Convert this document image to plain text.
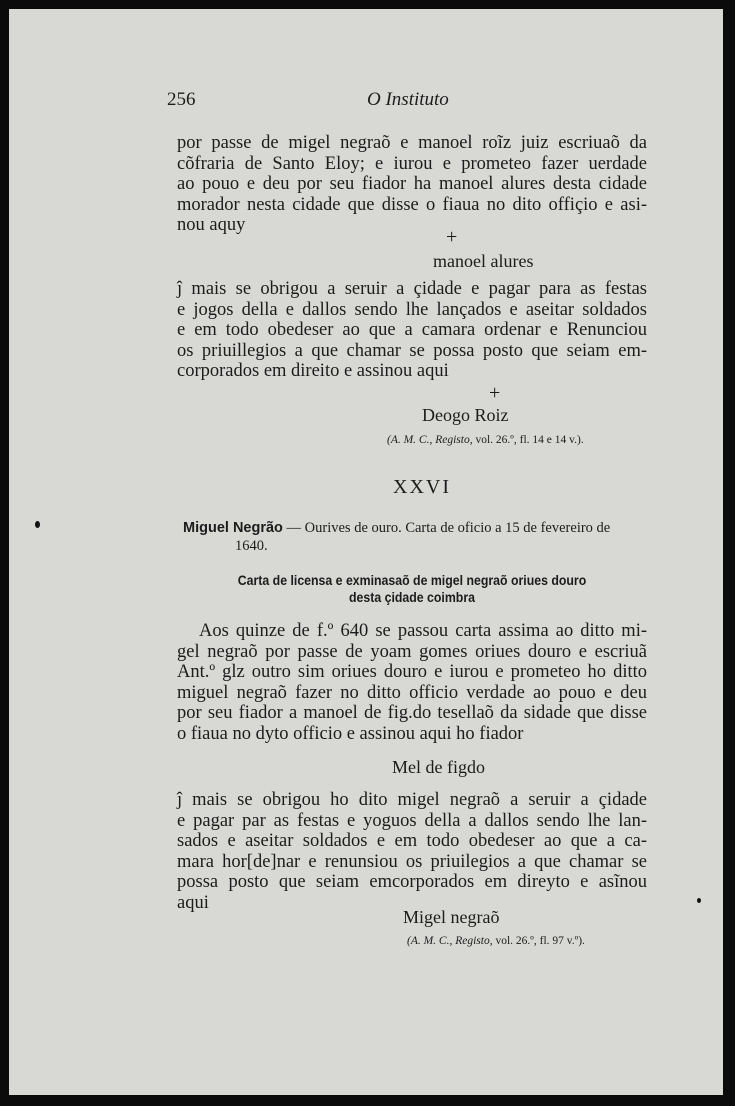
256	O Instituto
por passe de migel negraõ e manoel roĩz juiz escriuaõ da
cõfraria de Santo Eloy; e iurou e prometeo fazer uerdade
ao pouo e deu por seu fiador ha manoel alures desta cidade
morador nesta cidade que disse o fiaua no dito offiçio e asi-
nou aquy
+
manoel alures
ĵ mais se obrigou a seruir a çidade e pagar para as festas
e jogos della e dallos sendo lhe lançados e aseitar soldados
e em todo obedeser ao que a camara ordenar e Renunciou
os priuillegios a que chamar se possa posto que seiam em-
corporados em direito e assinou aqui
+
Deogo Roiz
(A. M. C., Registo, vol. 26.º, fl. 14 e 14 v.).
XXVI
Miguel Negrão — Ourives de ouro. Carta de oficio a 15 de fevereiro de
1640.
Carta de licensa e exminasaõ de migel negraõ oriues douro
desta çidade coimbra
Aos quinze de f.º 640 se passou carta assima ao ditto mi-
gel negraõ por passe de yoam gomes oriues douro e escriuã
Ant.º glz outro sim oriues douro e iurou e prometeo ho ditto
miguel negraõ fazer no ditto officio verdade ao pouo e deu
por seu fiador a manoel de fig.do tesellaõ da sidade que disse
o fiaua no dyto officio e assinou aqui ho fiador
Mel de figdo
ĵ mais se obrigou ho dito migel negraõ a seruir a çidade
e pagar par as festas e yoguos della a dallos sendo lhe lan-
sados e aseitar soldados e em todo obedeser ao que a ca-
mara hor[de]nar e renunsiou os priuilegios a que chamar se
possa posto que seiam emcorporados em direyto e asĩnou
aqui
Migel negraõ
(A. M. C., Registo, vol. 26.º, fl. 97 v.º).
